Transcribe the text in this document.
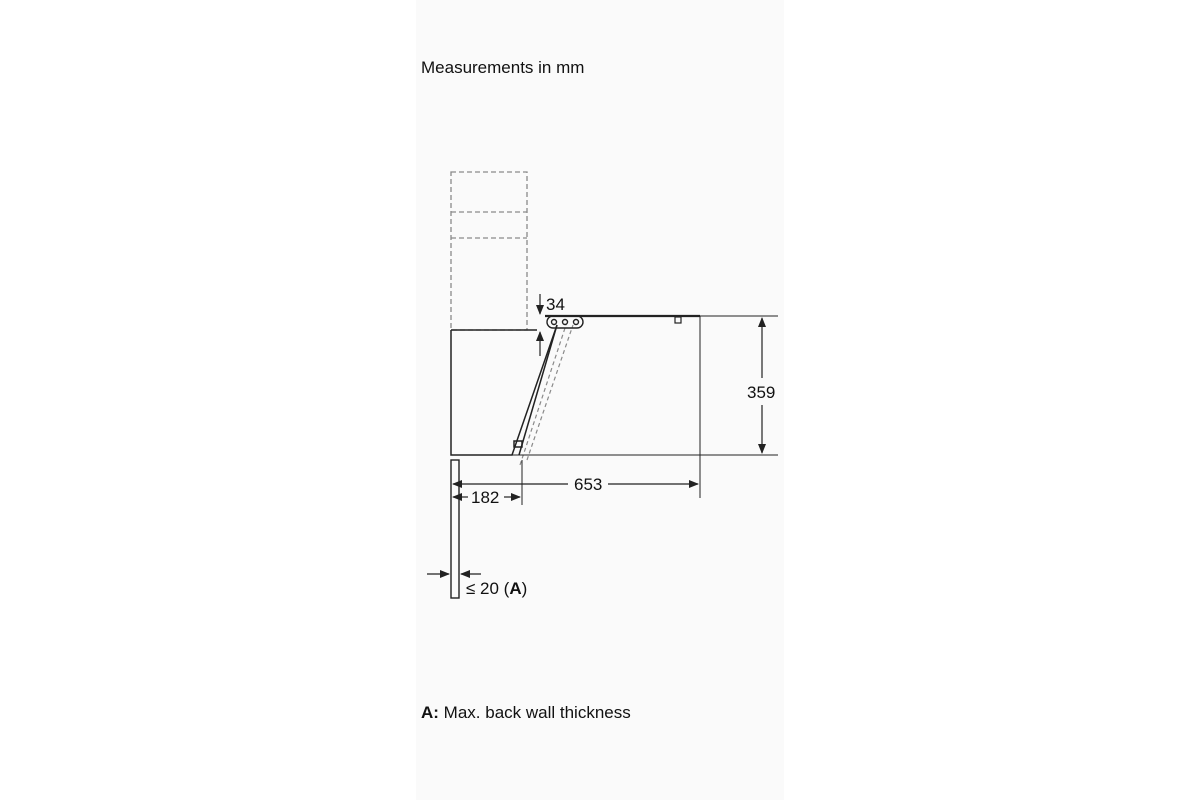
Measurements in mm
359
34
653
182
≤ 20 (A)
A: Max. back wall thickness
